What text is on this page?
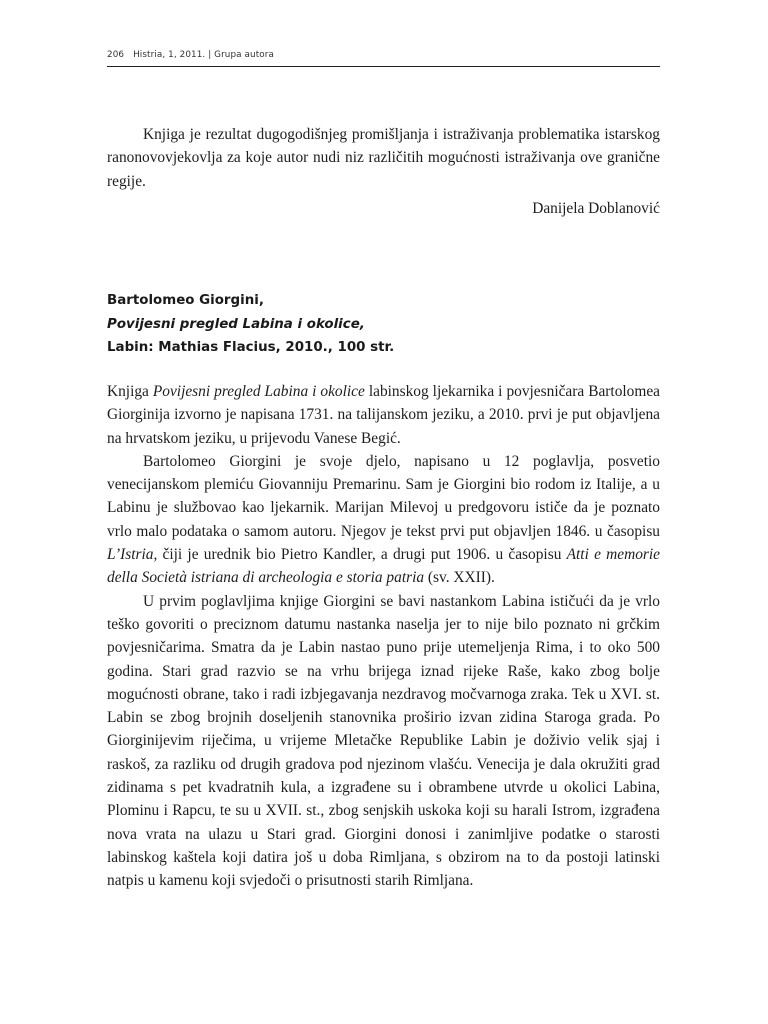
206 Histria, 1, 2011. | Grupa autora

Knjiga je rezultat dugogodišnjeg promišljanja i istraživanja problematika istarskog ranonovovjekovlja za koje autor nudi niz različitih mogućnosti istraživanja ove granične regije.

Danijela Doblanović
Bartolomeo Giorgini,
Povijesni pregled Labina i okolice,
Labin: Mathias Flacius, 2010., 100 str.

Knjiga Povijesni pregled Labina i okolice labinskog ljekarnika i povjesničara Bartolomea Giorginija izvorno je napisana 1731. na talijanskom jeziku, a 2010. prvi je put objavljena na hrvatskom jeziku, u prijevodu Vanese Begić.

Bartolomeo Giorgini je svoje djelo, napisano u 12 poglavlja, posvetio venecijanskom plemiću Giovanniju Premarinu. Sam je Giorgini bio rodom iz Italije, a u Labinu je službovao kao ljekarnik. Marijan Milevoj u predgovoru ističe da je poznato vrlo malo podataka o samom autoru. Njegov je tekst prvi put objavljen 1846. u časopisu L’Istria, čiji je urednik bio Pietro Kandler, a drugi put 1906. u časopisu Atti e memorie della Società istriana di archeologia e storia patria (sv. XXII).

U prvim poglavljima knjige Giorgini se bavi nastankom Labina ističući da je vrlo teško govoriti o preciznom datumu nastanka naselja jer to nije bilo poznato ni grčkim povjesničarima. Smatra da je Labin nastao puno prije utemeljenja Rima, i to oko 500 godina. Stari grad razvio se na vrhu brijega iznad rijeke Raše, kako zbog bolje mogućnosti obrane, tako i radi izbjegavanja nezdravog močvarnoga zraka. Tek u XVI. st. Labin se zbog brojnih doseljenih stanovnika proširio izvan zidina Staroga grada. Po Giorginijevim riječima, u vrijeme Mletačke Republike Labin je doživio velik sjaj i raskoš, za razliku od drugih gradova pod njezinom vlašću. Venecija je dala okružiti grad zidinama s pet kvadratnih kula, a izgrađene su i obrambene utvrde u okolici Labina, Plominu i Rapcu, te su u XVII. st., zbog senjskih uskoka koji su harali Istrom, izgrađena nova vrata na ulazu u Stari grad. Giorgini donosi i zanimljive podatke o starosti labinskog kaštela koji datira još u doba Rimljana, s obzirom na to da postoji latinski natpis u kamenu koji svjedoči o prisutnosti starih Rimljana.
